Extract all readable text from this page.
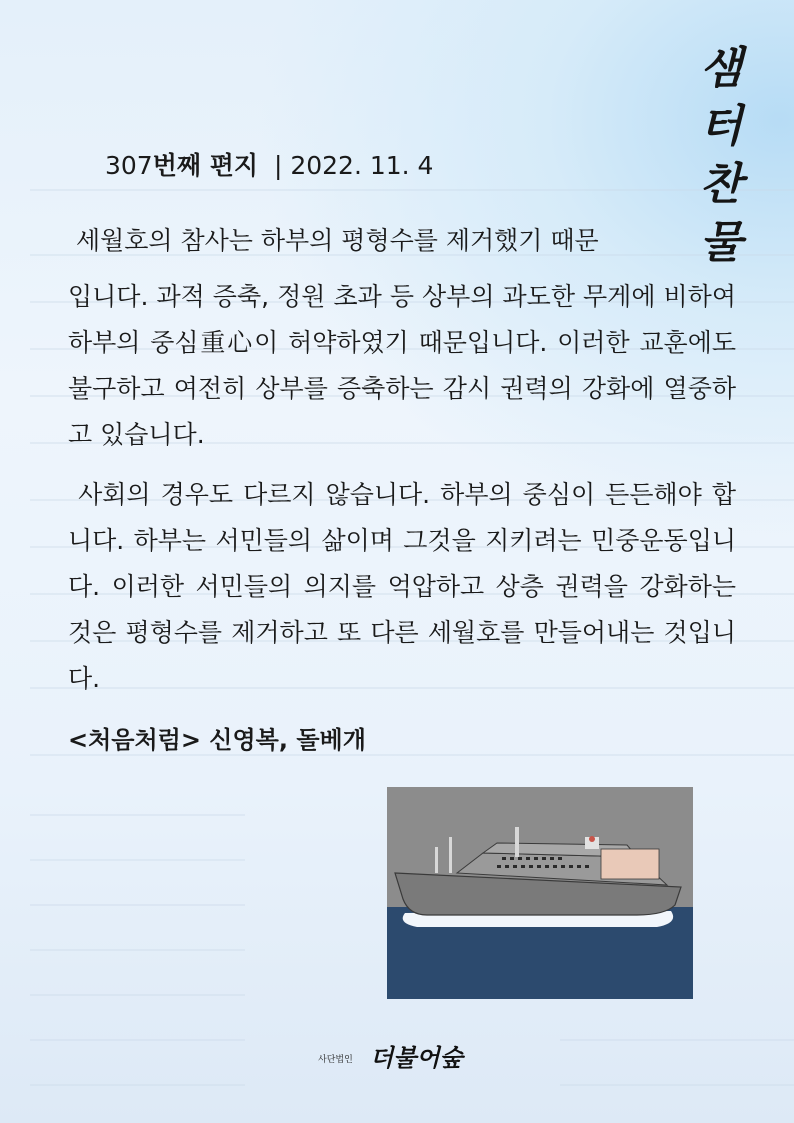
샘
터
찬
물
307번째 편지 | 2022. 11. 4
세월호의 참사는 하부의 평형수를 제거했기 때문
입니다. 과적 증축, 정원 초과 등 상부의 과도한 무게에 비하여 하부의 중심重心이 허약하였기 때문입니다. 이러한 교훈에도 불구하고 여전히 상부를 증축하는 감시 권력의 강화에 열중하고 있습니다.
사회의 경우도 다르지 않습니다. 하부의 중심이 든든해야 합니다. 하부는 서민들의 삶이며 그것을 지키려는 민중운동입니다. 이러한 서민들의 의지를 억압하고 상층 권력을 강화하는 것은 평형수를 제거하고 또 다른 세월호를 만들어내는 것입니다.
<처음처럼> 신영복, 돌베개
사단법인 더불어숲
